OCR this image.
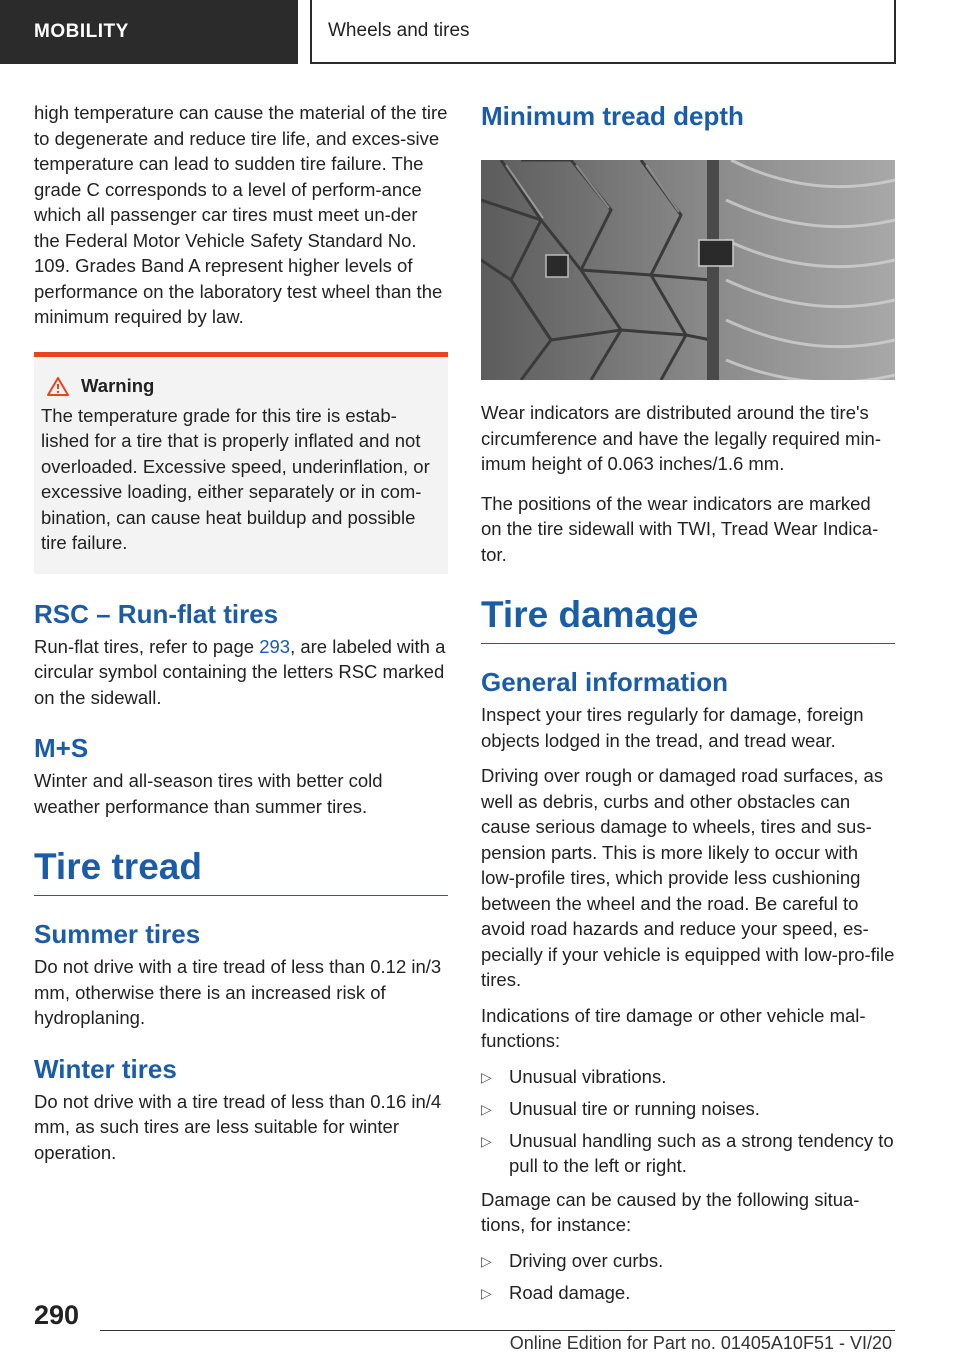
MOBILITY	Wheels and tires

high temperature can cause the material of the tire to degenerate and reduce tire life, and exces-sive temperature can lead to sudden tire failure. The grade C corresponds to a level of perform-ance which all passenger car tires must meet un-der the Federal Motor Vehicle Safety Standard No. 109. Grades Band A represent higher levels of performance on the laboratory test wheel than the minimum required by law.

Warning

The temperature grade for this tire is estab-lished for a tire that is properly inflated and not overloaded. Excessive speed, underinflation, or excessive loading, either separately or in com-bination, can cause heat buildup and possible tire failure.

RSC – Run-flat tires

Run-flat tires, refer to page 293, are labeled with a circular symbol containing the letters RSC marked on the sidewall.

M+S

Winter and all-season tires with better cold weather performance than summer tires.

Tire tread
Summer tires

Do not drive with a tire tread of less than 0.12 in/3 mm, otherwise there is an increased risk of hydroplaning.

Winter tires

Do not drive with a tire tread of less than 0.16 in/4 mm, as such tires are less suitable for winter operation.

Minimum tread depth

Wear indicators are distributed around the tire's circumference and have the legally required min-imum height of 0.063 inches/1.6 mm.

The positions of the wear indicators are marked on the tire sidewall with TWI, Tread Wear Indica-tor.

Tire damage
General information

Inspect your tires regularly for damage, foreign objects lodged in the tread, and tread wear.

Driving over rough or damaged road surfaces, as well as debris, curbs and other obstacles can cause serious damage to wheels, tires and sus-pension parts. This is more likely to occur with low-profile tires, which provide less cushioning between the wheel and the road. Be careful to avoid road hazards and reduce your speed, es-pecially if your vehicle is equipped with low-pro-file tires.

Indications of tire damage or other vehicle mal-functions:

▷ Unusual vibrations.
▷ Unusual tire or running noises.
▷ Unusual handling such as a strong tendency to pull to the left or right.

Damage can be caused by the following situa-tions, for instance:

▷ Driving over curbs.
▷ Road damage.
290
Online Edition for Part no. 01405A10F51 - VI/20
